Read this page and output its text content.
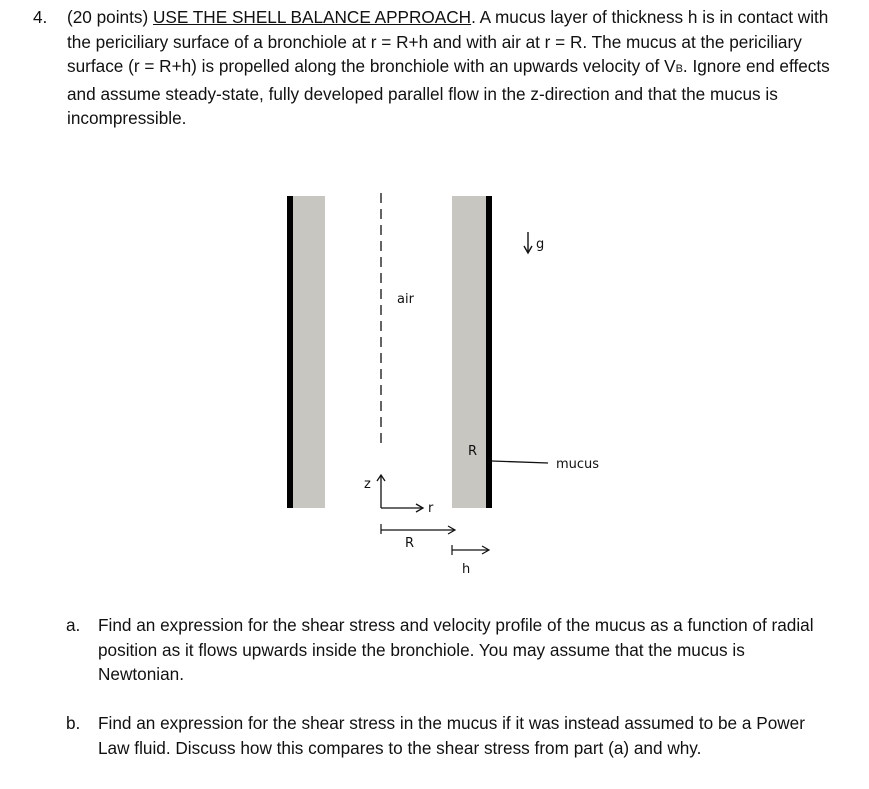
4. (20 points) USE THE SHELL BALANCE APPROACH. A mucus layer of thickness h is in contact with the periciliary surface of a bronchiole at r = R+h and with air at r = R. The mucus at the periciliary surface (r = R+h) is propelled along the bronchiole with an upwards velocity of VB. Ignore end effects and assume steady-state, fully developed parallel flow in the z-direction and that the mucus is incompressible.
g
air
mucus
R
z
r
R
h
a. Find an expression for the shear stress and velocity profile of the mucus as a function of radial position as it flows upwards inside the bronchiole. You may assume that the mucus is Newtonian.
b. Find an expression for the shear stress in the mucus if it was instead assumed to be a Power Law fluid. Discuss how this compares to the shear stress from part (a) and why.
